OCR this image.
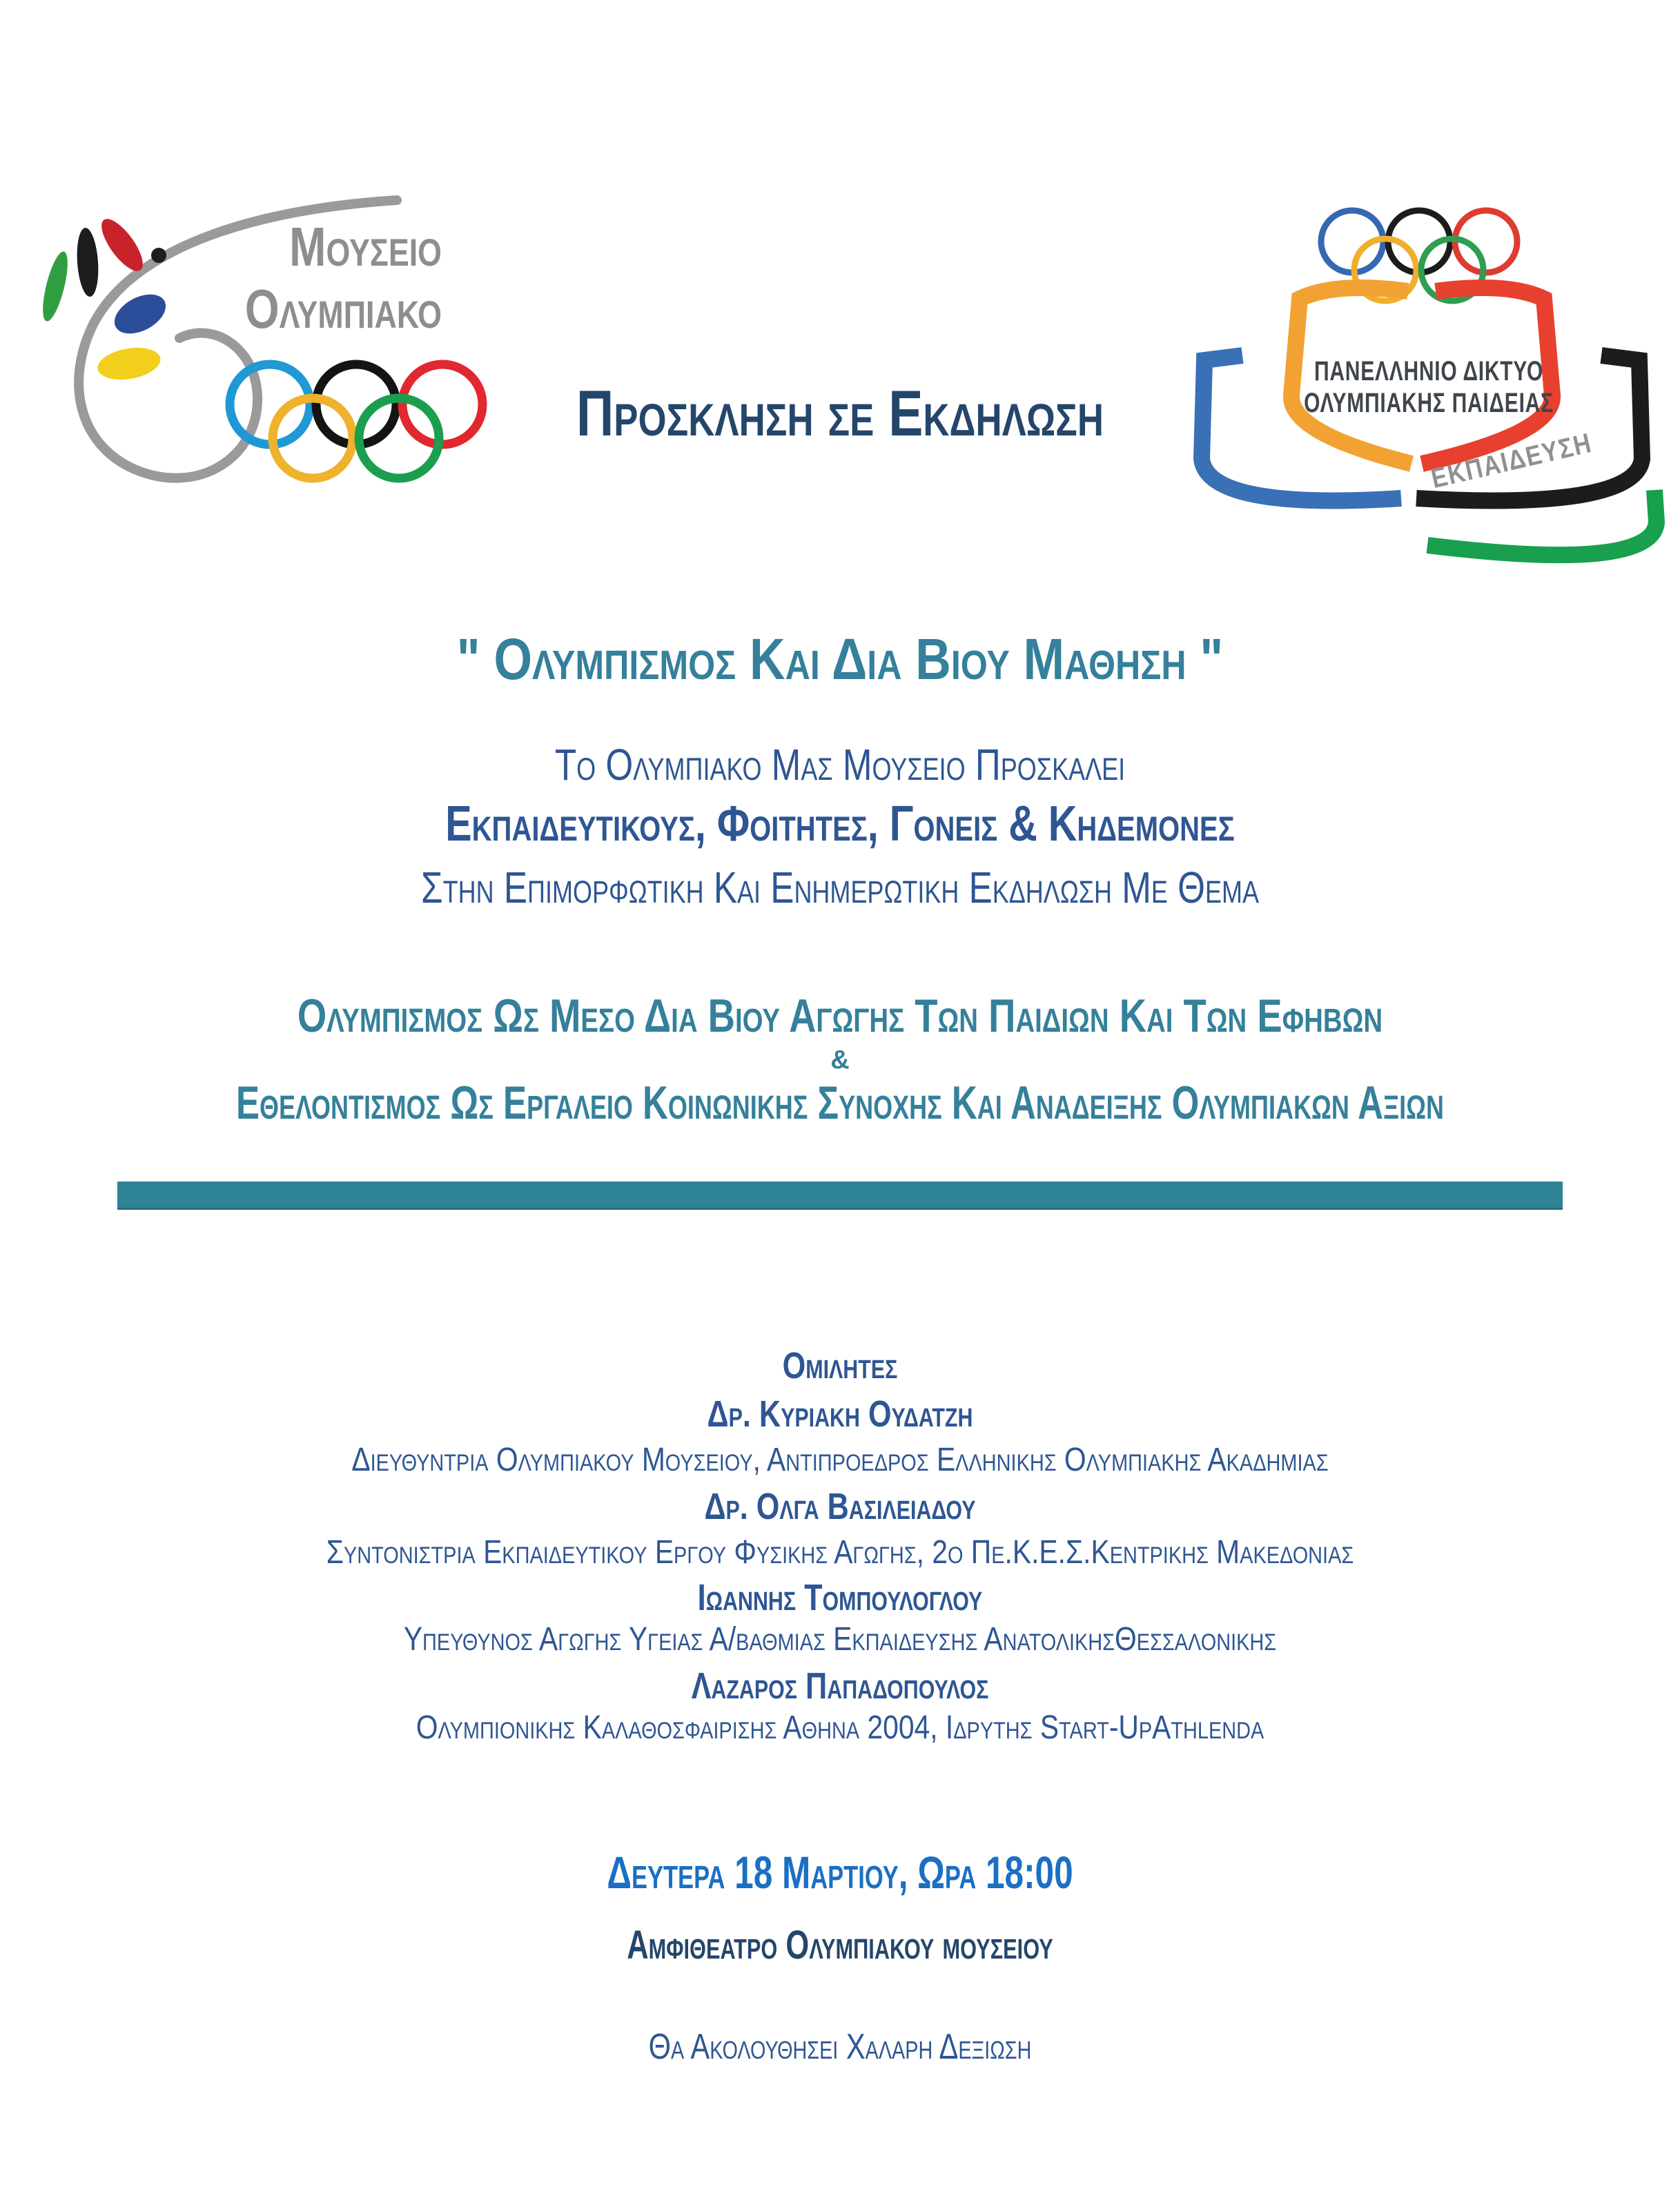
Μουσειο
Ολυμπιακο
ΠΑΝΕΛΛΗΝΙΟ ΔΙΚΤΥΟ
ΟΛΥΜΠΙΑΚΗΣ ΠΑΙΔΕΙΑΣ
ΕΚΠΑΙΔΕΥΣΗ
Προσκληση σε Εκδηλωση
" Ολυμπισμος Και Δια Βιου Μαθηση "
Το Ολυμπιακο Μας Μουσειο Προσκαλει
Εκπαιδευτικους, Φοιτητες, Γονεις & Κηδεμονες
Στην Επιμορφωτικη Και Ενημερωτικη Εκδηλωση Με Θεμα
Ολυμπισμος Ως Μεσο Δια Βιου Αγωγης Των Παιδιων Και Των Εφηβων
&
Εθελοντισμος Ως Εργαλειο Κοινωνικης Συνοχης Και Αναδειξης Ολυμπιακων Αξιων
Ομιλητες
Δρ. Κυριακη Ουδατζη
Διευθυντρια Ολυμπιακου Μουσειου, Αντιπροεδρος Ελληνικης Ολυμπιακης Ακαδημιας
Δρ. Ολγα Βασιλειαδου
Συντονιστρια Εκπαιδευτικου Εργου Φυσικης Αγωγης, 2ο Πε.Κ.Ε.Σ.Κεντρικης Μακεδονιας
Ιωαννης Τομπουλογλου
Υπευθυνος Αγωγης Υγειας Α/βαθμιας Εκπαιδευσης ΑνατολικηςΘεσσαλονικης
Λαζαρος Παπαδοπουλος
Ολυμπιονικης Καλαθοσφαιρισης Αθηνα 2004, Ιδρυτης Start-UpAthlenda
Δευτερα 18 Μαρτιου, Ωρα 18:00
Αμφιθεατρο Ολυμπιακου μουσειου
Θα Ακολουθησει Χαλαρη Δεξιωση
